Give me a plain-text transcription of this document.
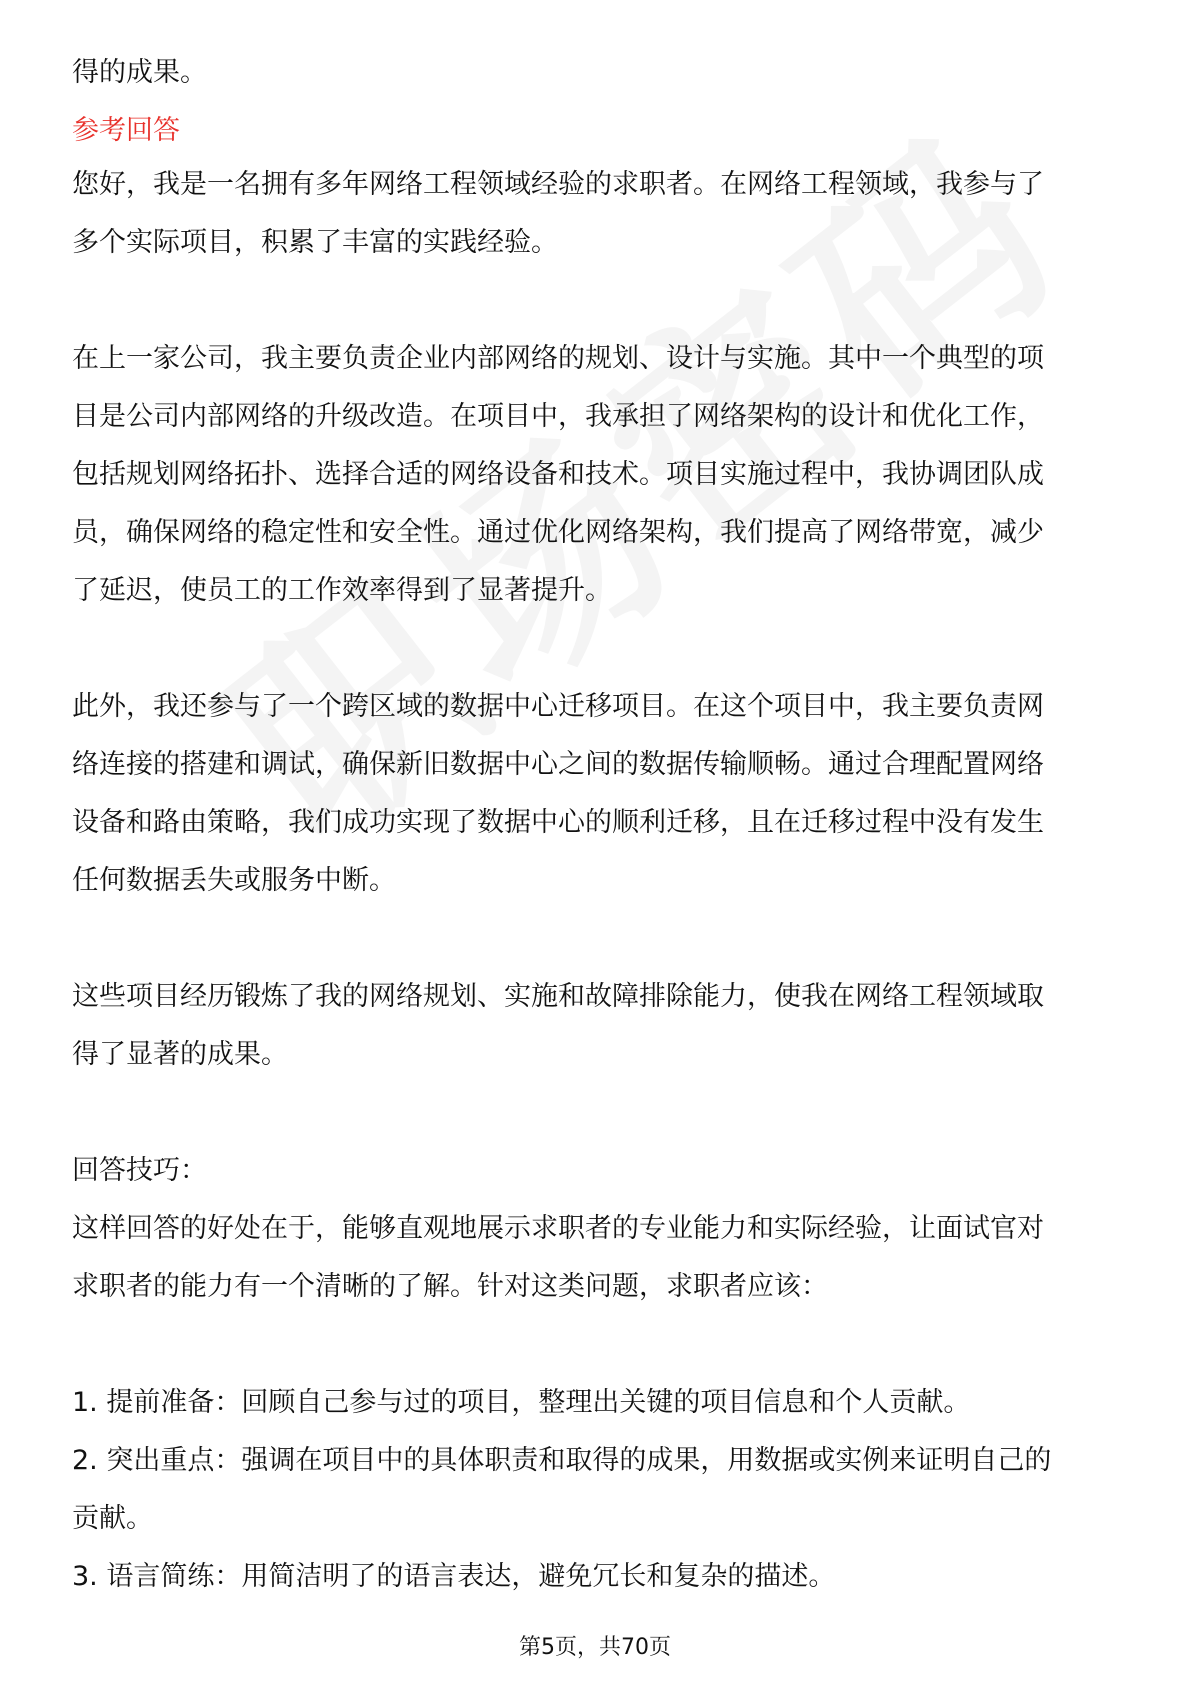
得的成果。
参考回答
您好，我是一名拥有多年网络工程领域经验的求职者。在网络工程领域，我参与了
多个实际项目，积累了丰富的实践经验。
在上一家公司，我主要负责企业内部网络的规划、设计与实施。其中一个典型的项
目是公司内部网络的升级改造。在项目中，我承担了网络架构的设计和优化工作，
包括规划网络拓扑、选择合适的网络设备和技术。项目实施过程中，我协调团队成
员，确保网络的稳定性和安全性。通过优化网络架构，我们提高了网络带宽，减少
了延迟，使员工的工作效率得到了显著提升。
此外，我还参与了一个跨区域的数据中心迁移项目。在这个项目中，我主要负责网
络连接的搭建和调试，确保新旧数据中心之间的数据传输顺畅。通过合理配置网络
设备和路由策略，我们成功实现了数据中心的顺利迁移，且在迁移过程中没有发生
任何数据丢失或服务中断。
这些项目经历锻炼了我的网络规划、实施和故障排除能力，使我在网络工程领域取
得了显著的成果。
回答技巧：
这样回答的好处在于，能够直观地展示求职者的专业能力和实际经验，让面试官对
求职者的能力有一个清晰的了解。针对这类问题，求职者应该：
1. 提前准备：回顾自己参与过的项目，整理出关键的项目信息和个人贡献。
2. 突出重点：强调在项目中的具体职责和取得的成果，用数据或实例来证明自己的
贡献。
3. 语言简练：用简洁明了的语言表达，避免冗长和复杂的描述。
第5页，共70页
